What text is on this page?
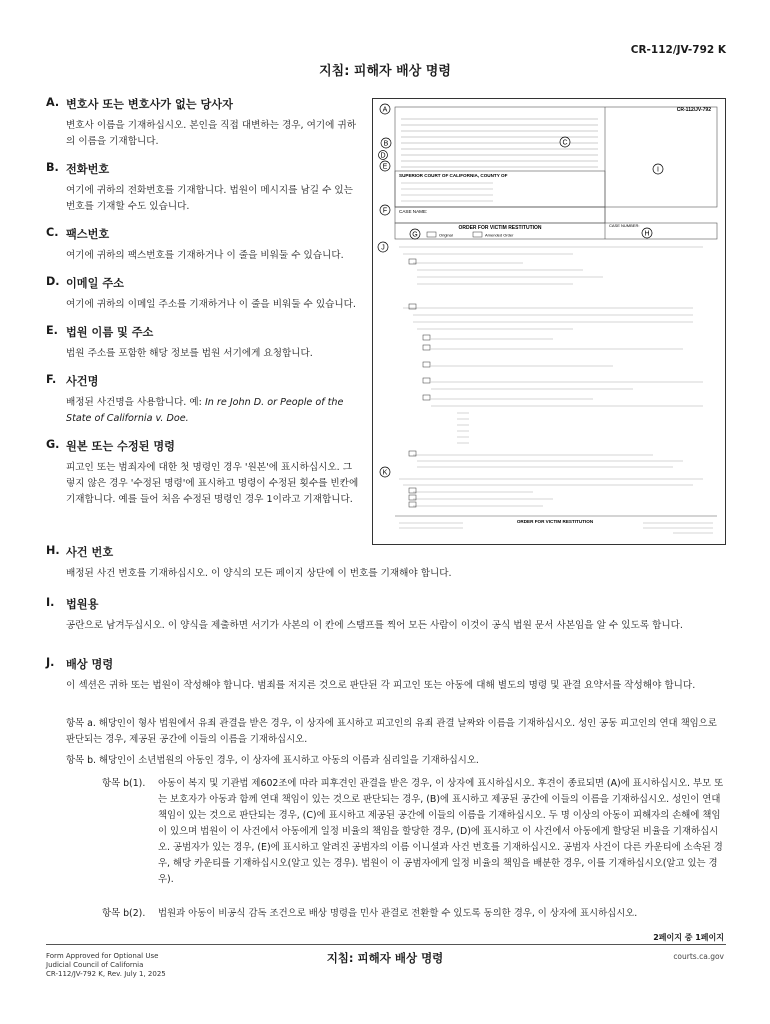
CR-112/JV-792 K
지침: 피해자 배상 명령
A. 변호사 또는 변호사가 없는 당사자

변호사 이름을 기재하십시오. 본인을 직접 대변하는 경우, 여기에 귀하의 이름을 기재합니다.

B. 전화번호

여기에 귀하의 전화번호를 기재합니다. 법원이 메시지를 남길 수 있는 번호를 기재할 수도 있습니다.

C. 팩스번호

여기에 귀하의 팩스번호를 기재하거나 이 줄을 비워둘 수 있습니다.

D. 이메일 주소

여기에 귀하의 이메일 주소를 기재하거나 이 줄을 비워둘 수 있습니다.

E. 법원 이름 및 주소

법원 주소를 포함한 해당 정보를 법원 서기에게 요청합니다.

F. 사건명

배정된 사건명을 사용합니다. 예: In re John D. or People of the State of California v. Doe.

G. 원본 또는 수정된 명령

피고인 또는 범죄자에 대한 첫 명령인 경우 '원본'에 표시하십시오. 그렇지 않은 경우 '수정된 명령'에 표시하고 명령이 수정된 횟수를 빈칸에 기재합니다. 예를 들어 처음 수정된 명령인 경우 1이라고 기재합니다.

CR-112/JV-792
SUPERIOR COURT OF CALIFORNIA, COUNTY OF
CASE NAME:
ORDER FOR VICTIM RESTITUTION
Original	Amended Order
CASE NUMBER:
ORDER FOR VICTIM RESTITUTION
A
B	C
D
E
F
G	H
I
J
K
H. 사건 번호

배정된 사건 번호를 기재하십시오. 이 양식의 모든 페이지 상단에 이 번호를 기재해야 합니다.

I.	법원용

공란으로 남겨두십시오. 이 양식을 제출하면 서기가 사본의 이 칸에 스탬프를 찍어 모든 사람이 이것이 공식 법원 문서 사본임을 알 수 있도록 합니다.

J.	배상 명령

이 섹션은 귀하 또는 법원이 작성해야 합니다. 범죄를 저지른 것으로 판단된 각 피고인 또는 아동에 대해 별도의 명령 및 관결 요약서를 작성해야 합니다.

항목 a. 해당인이 형사 법원에서 유죄 관결을 받은 경우, 이 상자에 표시하고 피고인의 유죄 관결 날짜와 이름을 기재하십시오. 성인 공동 피고인의 연대 책임으로 판단되는 경우, 제공된 공간에 이들의 이름을 기재하십시오.
항목 b. 해당인이 소년법원의 아동인 경우, 이 상자에 표시하고 아동의 이름과 심리일을 기재하십시오.
항목 b(1).	아동이 복지 및 기관법 제602조에 따라 피후견인 관결을 받은 경우, 이 상자에 표시하십시오. 후견이 종료되면 (A)에 표시하십시오. 부모 또는 보호자가 아동과 함께 연대 책임이 있는 것으로 판단되는 경우, (B)에 표시하고 제공된 공간에 이들의 이름을 기재하십시오. 성인이 연대 책임이 있는 것으로 판단되는 경우, (C)에 표시하고 제공된 공간에 이들의 이름을 기재하십시오. 두 명 이상의 아동이 피해자의 손해에 책임이 있으며 법원이 이 사건에서 아동에게 일정 비율의 책임을 할당한 경우, (D)에 표시하고 이 사건에서 아동에게 할당된 비율을 기재하십시오. 공범자가 있는 경우, (E)에 표시하고 알려진 공범자의 이름 이니셜과 사건 번호를 기재하십시오. 공범자 사건이 다른 카운티에 소속된 경우, 해당 카운티를 기재하십시오(알고 있는 경우). 법원이 이 공범자에게 일정 비율의 책임을 배분한 경우, 이를 기재하십시오(알고 있는 경우).
항목 b(2).	법원과 아동이 비공식 감독 조건으로 배상 명령을 민사 관결로 전환할 수 있도록 동의한 경우, 이 상자에 표시하십시오.
2페이지 중 1페이지
Form Approved for Optional Use
Judicial Council of California
CR-112/JV-792 K, Rev. July 1, 2025
지침: 피해자 배상 명령	courts.ca.gov
